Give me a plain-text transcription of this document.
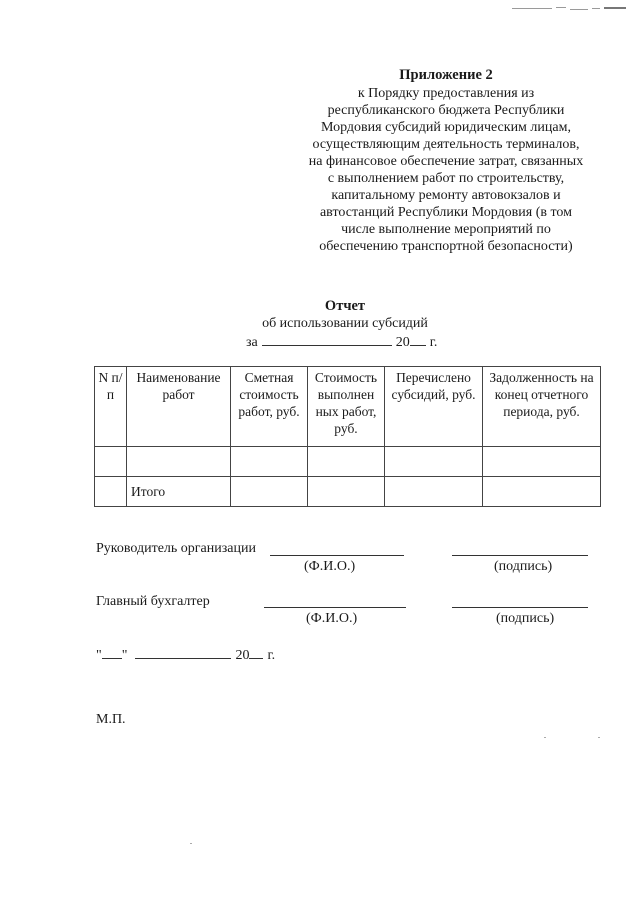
Приложение 2
к Порядку предоставления из
республиканского бюджета Республики
Мордовия субсидий юридическим лицам,
осуществляющим деятельность терминалов,
на финансовое обеспечение затрат, связанных
с выполнением работ по строительству,
капитальному ремонту автовокзалов и
автостанций Республики Мордовия (в том
числе выполнение мероприятий по
обеспечению транспортной безопасности)
Отчет
об использовании субсидий
за	20 г.
N п/п	Наименование работ	Сметная стоимость работ, руб.	Стоимость выполнен ных работ, руб.	Перечислено субсидий, руб.	Задолженность на конец отчетного периода, руб.

	Итого				
Руководитель организации
(Ф.И.О.)	(подпись)
Главный бухгалтер
(Ф.И.О.)	(подпись)
" "	20 г.
М.П.
